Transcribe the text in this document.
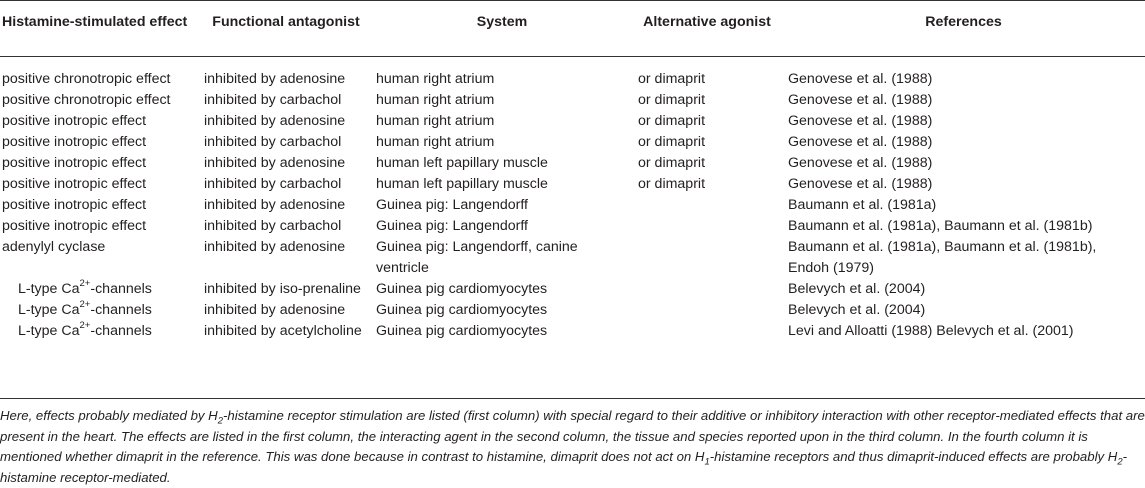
Histamine-stimulated effect	Functional antagonist	System	Alternative agonist	References
positive chronotropic effect	inhibited by adenosine	human right atrium	or dimaprit	Genovese et al. (1988)
positive chronotropic effect	inhibited by carbachol	human right atrium	or dimaprit	Genovese et al. (1988)
positive inotropic effect	inhibited by adenosine	human right atrium	or dimaprit	Genovese et al. (1988)
positive inotropic effect	inhibited by carbachol	human right atrium	or dimaprit	Genovese et al. (1988)
positive inotropic effect	inhibited by adenosine	human left papillary muscle	or dimaprit	Genovese et al. (1988)
positive inotropic effect	inhibited by carbachol	human left papillary muscle	or dimaprit	Genovese et al. (1988)
positive inotropic effect	inhibited by adenosine	Guinea pig: Langendorff		Baumann et al. (1981a)
positive inotropic effect	inhibited by carbachol	Guinea pig: Langendorff		Baumann et al. (1981a), Baumann et al. (1981b)
adenylyl cyclase	inhibited by adenosine	Guinea pig: Langendorff, canine ventricle		Baumann et al. (1981a), Baumann et al. (1981b), Endoh (1979)
L-type $Ca^{2+}$-channels	inhibited by iso-prenaline	Guinea pig cardiomyocytes		Belevych et al. (2004)
L-type $Ca^{2+}$-channels	inhibited by adenosine	Guinea pig cardiomyocytes		Belevych et al. (2004)
L-type $Ca^{2+}$-channels	inhibited by acetylcholine	Guinea pig cardiomyocytes		Levi and Alloatti (1988) Belevych et al. (2001)
Here, effects probably mediated by $H_2$-histamine receptor stimulation are listed (first column) with special regard to their additive or inhibitory interaction with other receptor-mediated effects that are present in the heart. The effects are listed in the first column, the interacting agent in the second column, the tissue and species reported upon in the third column. In the fourth column it is mentioned whether dimaprit in the reference. This was done because in contrast to histamine, dimaprit does not act on $H_1$-histamine receptors and thus dimaprit-induced effects are probably $H_2$-histamine receptor-mediated.
